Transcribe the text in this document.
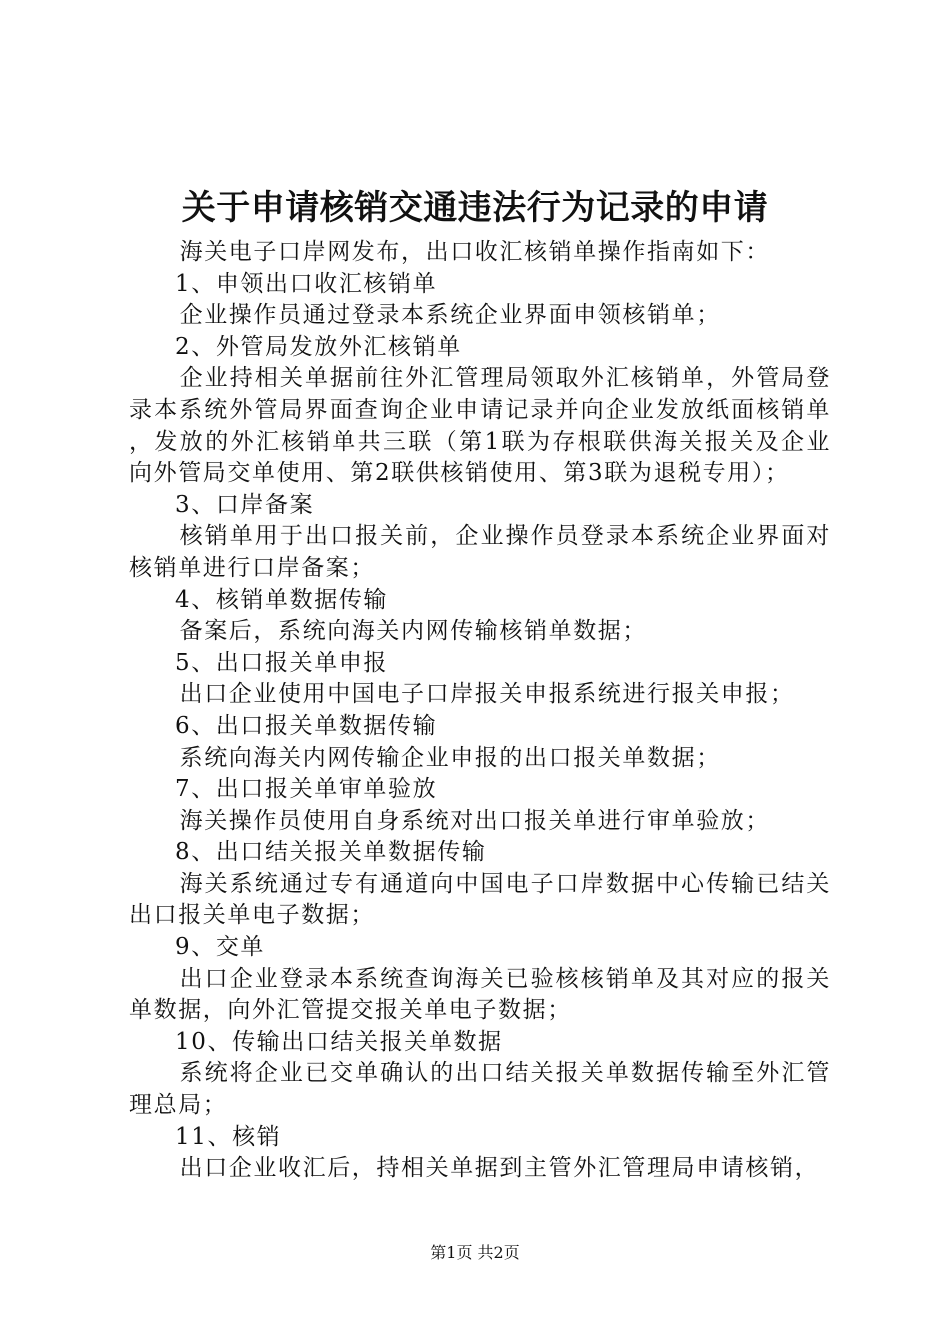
关于申请核销交通违法行为记录的申请

海关电子口岸网发布，出口收汇核销单操作指南如下：

1、申领出口收汇核销单

企业操作员通过登录本系统企业界面申领核销单；

2、外管局发放外汇核销单

企业持相关单据前往外汇管理局领取外汇核销单，外管局登录本系统外管局界面查询企业申请记录并向企业发放纸面核销单，发放的外汇核销单共三联（第1联为存根联供海关报关及企业向外管局交单使用、第2联供核销使用、第3联为退税专用）；

3、口岸备案

核销单用于出口报关前，企业操作员登录本系统企业界面对核销单进行口岸备案；

4、核销单数据传输

备案后，系统向海关内网传输核销单数据；

5、出口报关单申报

出口企业使用中国电子口岸报关申报系统进行报关申报；

6、出口报关单数据传输

系统向海关内网传输企业申报的出口报关单数据；

7、出口报关单审单验放

海关操作员使用自身系统对出口报关单进行审单验放；

8、出口结关报关单数据传输

海关系统通过专有通道向中国电子口岸数据中心传输已结关出口报关单电子数据；

9、交单

出口企业登录本系统查询海关已验核核销单及其对应的报关单数据，向外汇管提交报关单电子数据；

10、传输出口结关报关单数据

系统将企业已交单确认的出口结关报关单数据传输至外汇管理总局；

11、核销

出口企业收汇后，持相关单据到主管外汇管理局申请核销，

第1页 共2页
